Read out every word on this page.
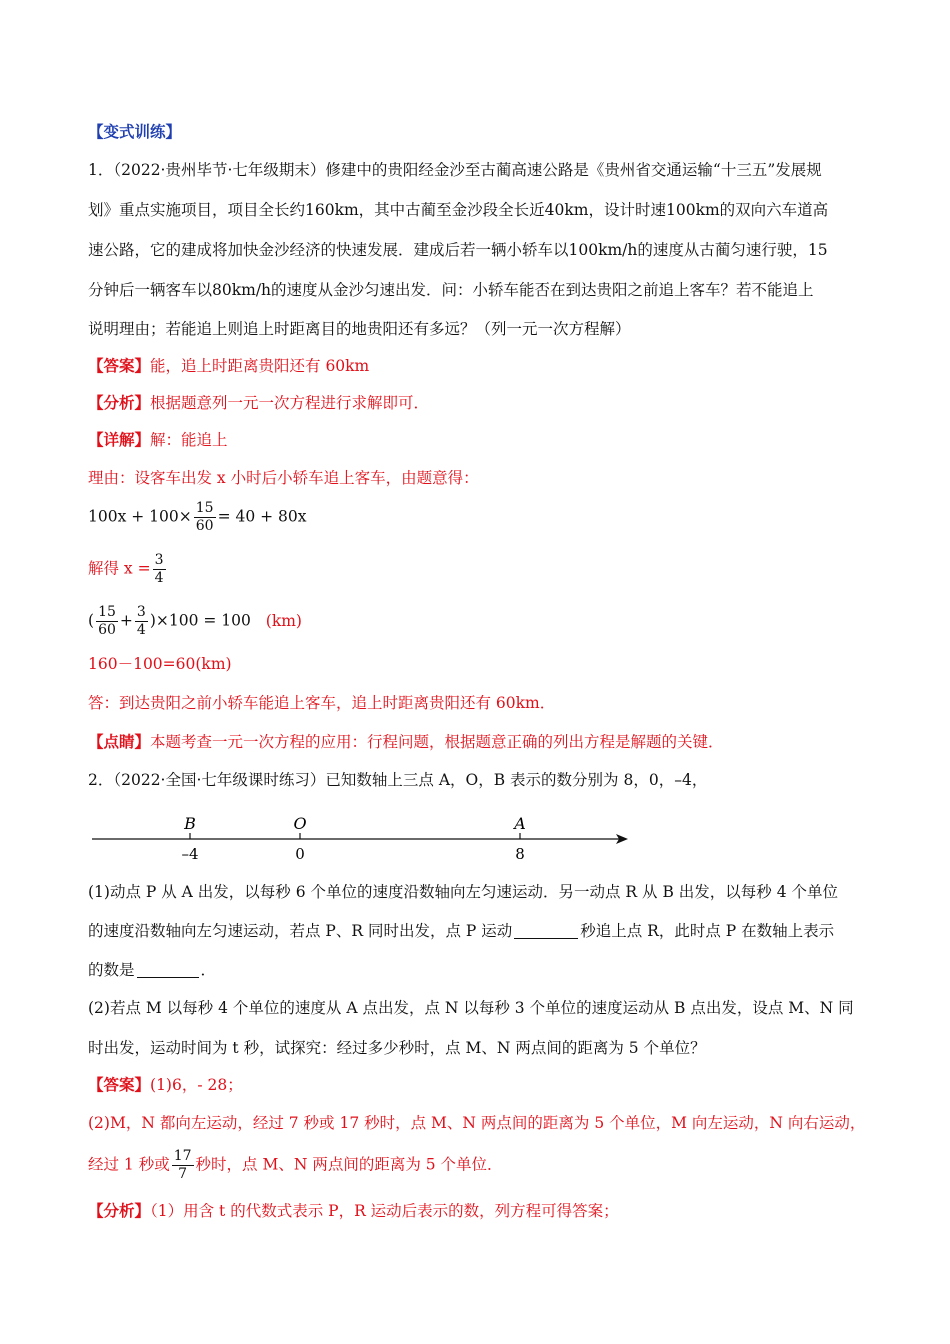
【变式训练】
1．（2022·贵州毕节·七年级期末）修建中的贵阳经金沙至古蔺高速公路是《贵州省交通运输“十三五”发展规
划》重点实施项目，项目全长约160km，其中古蔺至金沙段全长近40km，设计时速100km的双向六车道高
速公路，它的建成将加快金沙经济的快速发展．建成后若一辆小轿车以100km/h的速度从古蔺匀速行驶，15
分钟后一辆客车以80km/h的速度从金沙匀速出发．问：小轿车能否在到达贵阳之前追上客车？若不能追上
说明理由；若能追上则追上时距离目的地贵阳还有多远？（列一元一次方程解）
【答案】能，追上时距离贵阳还有 60km
【分析】根据题意列一元一次方程进行求解即可．
【详解】解：能追上
理由：设客车出发 x 小时后小轿车追上客车，由题意得：
$100x + 100\times \frac{15}{60} = 40 + 80x$
解得 $x = \frac{3}{4}$
( $\frac{15}{60} + \frac{3}{4} )\times 100 = 100$ (km)
160－100=60(km)
答：到达贵阳之前小轿车能追上客车，追上时距离贵阳还有 60km．
【点睛】本题考查一元一次方程的应用：行程问题，根据题意正确的列出方程是解题的关键．
2．（2022·全国·七年级课时练习）已知数轴上三点 A，O，B 表示的数分别为 8，0，–4，
B
–4
O
0
A
8
(1)动点 P 从 A 出发，以每秒 6 个单位的速度沿数轴向左匀速运动．另一动点 R 从 B 出发，以每秒 4 个单位
的速度沿数轴向左匀速运动，若点 P、R 同时出发，点 P 运动	秒追上点 R，此时点 P 在数轴上表示
的数是	．
(2)若点 M 以每秒 4 个单位的速度从 A 点出发，点 N 以每秒 3 个单位的速度运动从 B 点出发，设点 M、N 同
时出发，运动时间为 t 秒，试探究：经过多少秒时，点 M、N 两点间的距离为 5 个单位？
【答案】(1)6，- 28；
(2)M，N 都向左运动，经过 7 秒或 17 秒时，点 M、N 两点间的距离为 5 个单位，M 向左运动，N 向右运动，
经过 1 秒或 $\frac{17}{7}$ 秒时，点 M、N 两点间的距离为 5 个单位．
【分析】（1）用含 t 的代数式表示 P，R 运动后表示的数，列方程可得答案；
